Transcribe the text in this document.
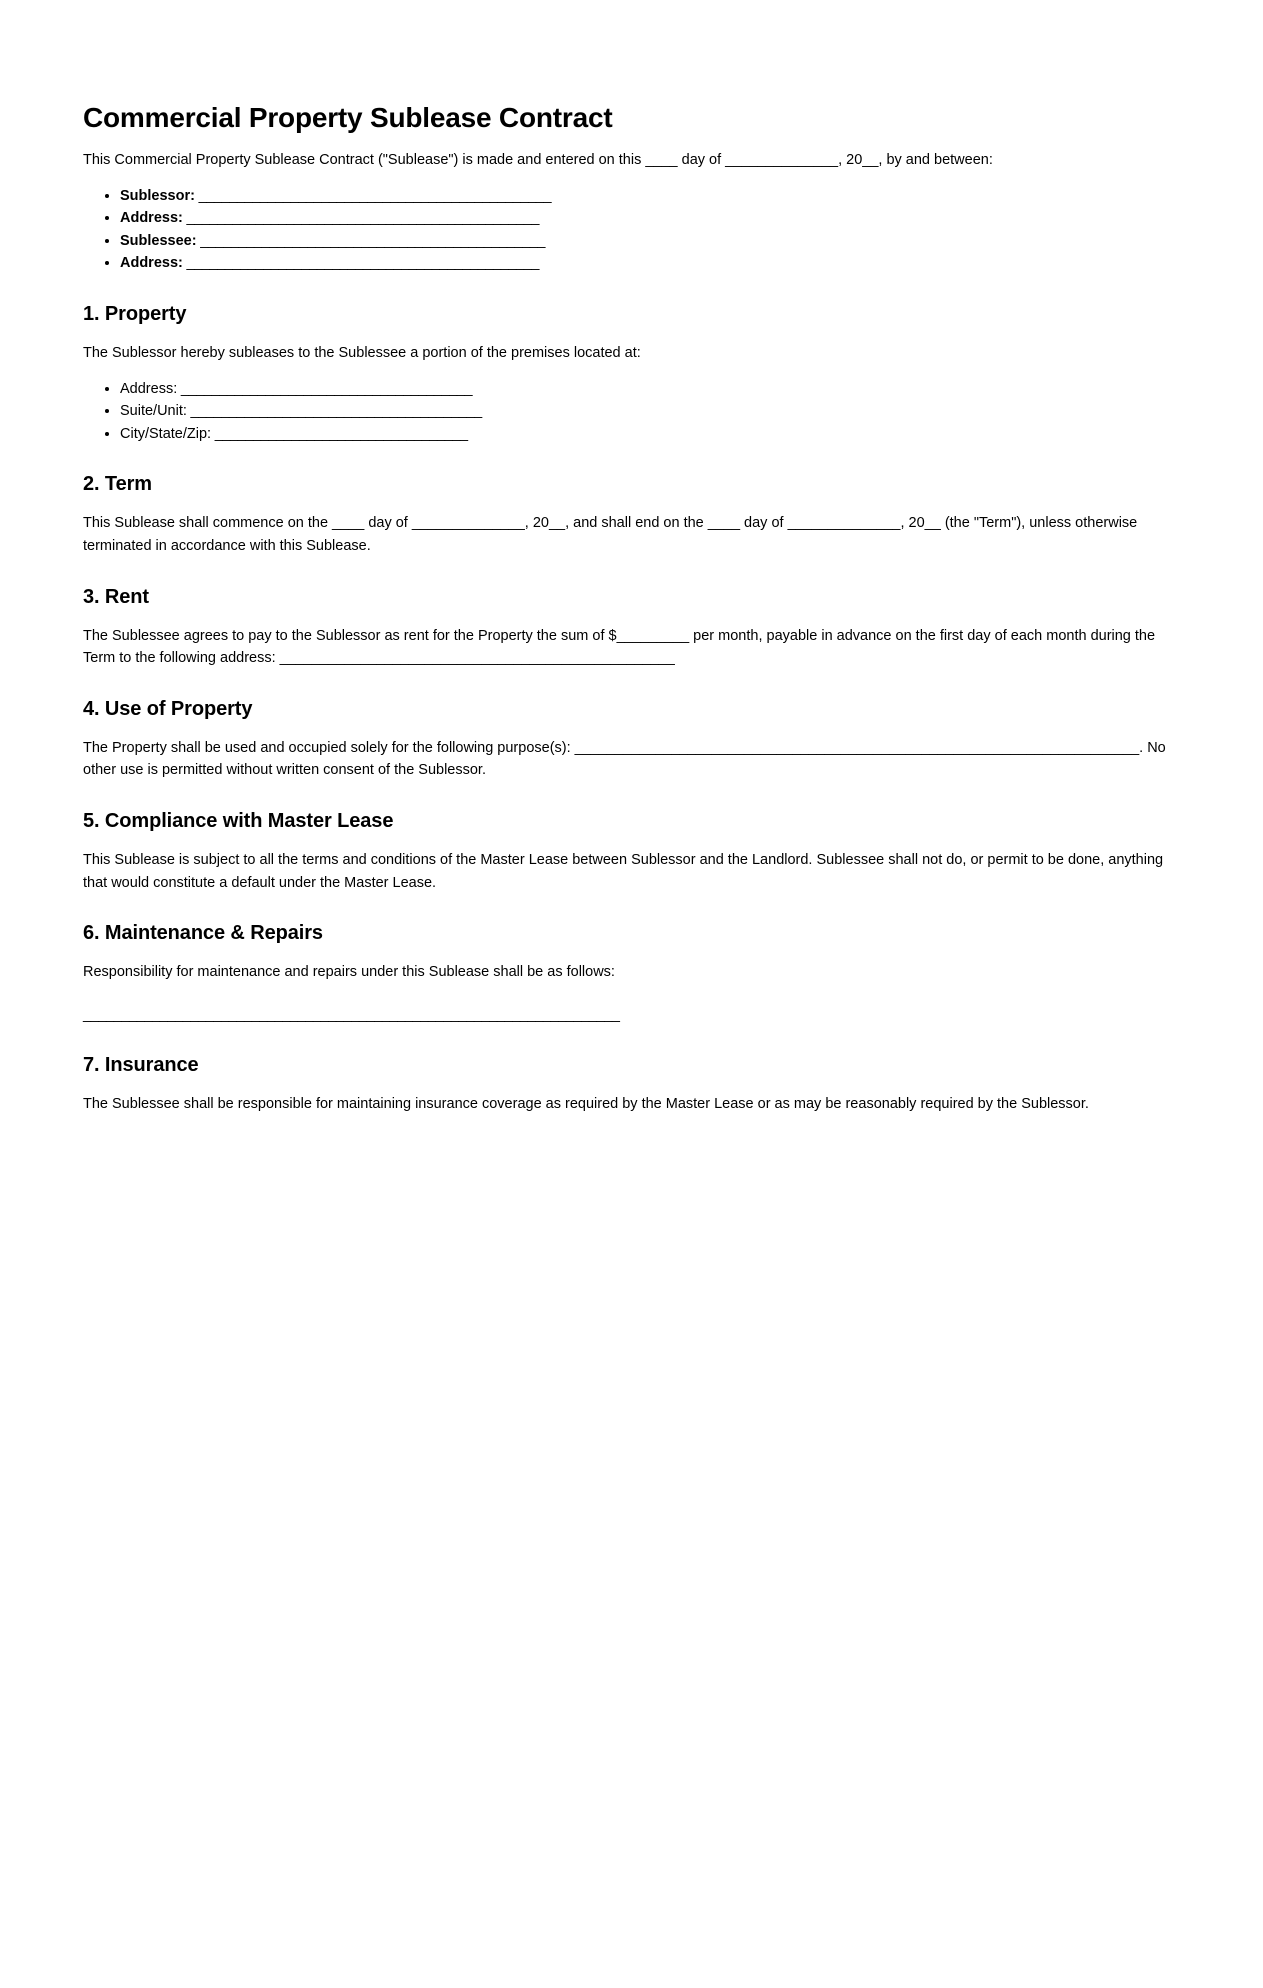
Commercial Property Sublease Contract

This Commercial Property Sublease Contract ("Sublease") is made and entered on this ____ day of ______________, 20__, by and between:

• Sublessor: ______________________________________________
• Address: ______________________________________________
• Sublessee: _____________________________________________
• Address: ______________________________________________
1. Property

The Sublessor hereby subleases to the Sublessee a portion of the premises located at:

• Address: ______________________________________
• Suite/Unit: ______________________________________
• City/State/Zip: _________________________________
2. Term

This Sublease shall commence on the ____ day of ______________, 20__, and shall end on the ____ day of ______________, 20__ (the "Term"), unless otherwise terminated in accordance with this Sublease.

3. Rent

The Sublessee agrees to pay to the Sublessor as rent for the Property the sum of $_________ per month, payable in advance on the first day of each month during the Term to the following address: _________________________________________________

4. Use of Property

The Property shall be used and occupied solely for the following purpose(s): ______________________________________________________________________. No other use is permitted without written consent of the Sublessor.

5. Compliance with Master Lease

This Sublease is subject to all the terms and conditions of the Master Lease between Sublessor and the Landlord. Sublessee shall not do, or permit to be done, anything that would constitute a default under the Master Lease.

6. Maintenance & Repairs

Responsibility for maintenance and repairs under this Sublease shall be as follows:

______________________________________________________________________
7. Insurance

The Sublessee shall be responsible for maintaining insurance coverage as required by the Master Lease or as may be reasonably required by the Sublessor.
